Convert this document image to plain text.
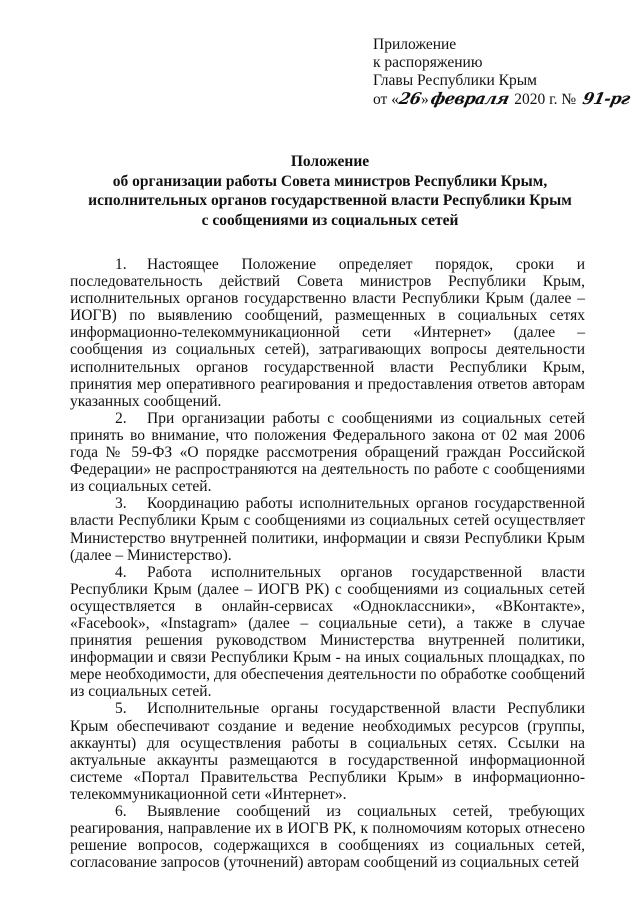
Приложение
к распоряжению
Главы Республики Крым
от «26»февраля 2020 г. № 91-рг
Положение
об организации работы Совета министров Республики Крым,
исполнительных органов государственной власти Республики Крым
с сообщениями из социальных сетей

1. Настоящее Положение определяет порядок, сроки и последовательность действий Совета министров Республики Крым, исполнительных органов государственно власти Республики Крым (далее – ИОГВ) по выявлению сообщений, размещенных в социальных сетях информационно-телекоммуникационной сети «Интернет» (далее – сообщения из социальных сетей), затрагивающих вопросы деятельности исполнительных органов государственной власти Республики Крым, принятия мер оперативного реагирования и предоставления ответов авторам указанных сообщений.

2. При организации работы с сообщениями из социальных сетей принять во внимание, что положения Федерального закона от 02 мая 2006 года № 59-ФЗ «О порядке рассмотрения обращений граждан Российской Федерации» не распространяются на деятельность по работе с сообщениями из социальных сетей.

3. Координацию работы исполнительных органов государственной власти Республики Крым с сообщениями из социальных сетей осуществляет Министерство внутренней политики, информации и связи Республики Крым (далее – Министерство).

4. Работа исполнительных органов государственной власти Республики Крым (далее – ИОГВ РК) с сообщениями из социальных сетей осуществляется в онлайн-сервисах «Одноклассники», «ВКонтакте», «Facebook», «Instagram» (далее – социальные сети), а также в случае принятия решения руководством Министерства внутренней политики, информации и связи Республики Крым - на иных социальных площадках, по мере необходимости, для обеспечения деятельности по обработке сообщений из социальных сетей.

5. Исполнительные органы государственной власти Республики Крым обеспечивают создание и ведение необходимых ресурсов (группы, аккаунты) для осуществления работы в социальных сетях. Ссылки на актуальные аккаунты размещаются в государственной информационной системе «Портал Правительства Республики Крым» в информационно-телекоммуникационной сети «Интернет».

6. Выявление сообщений из социальных сетей, требующих реагирования, направление их в ИОГВ РК, к полномочиям которых отнесено решение вопросов, содержащихся в сообщениях из социальных сетей, согласование запросов (уточнений) авторам сообщений из социальных сетей
